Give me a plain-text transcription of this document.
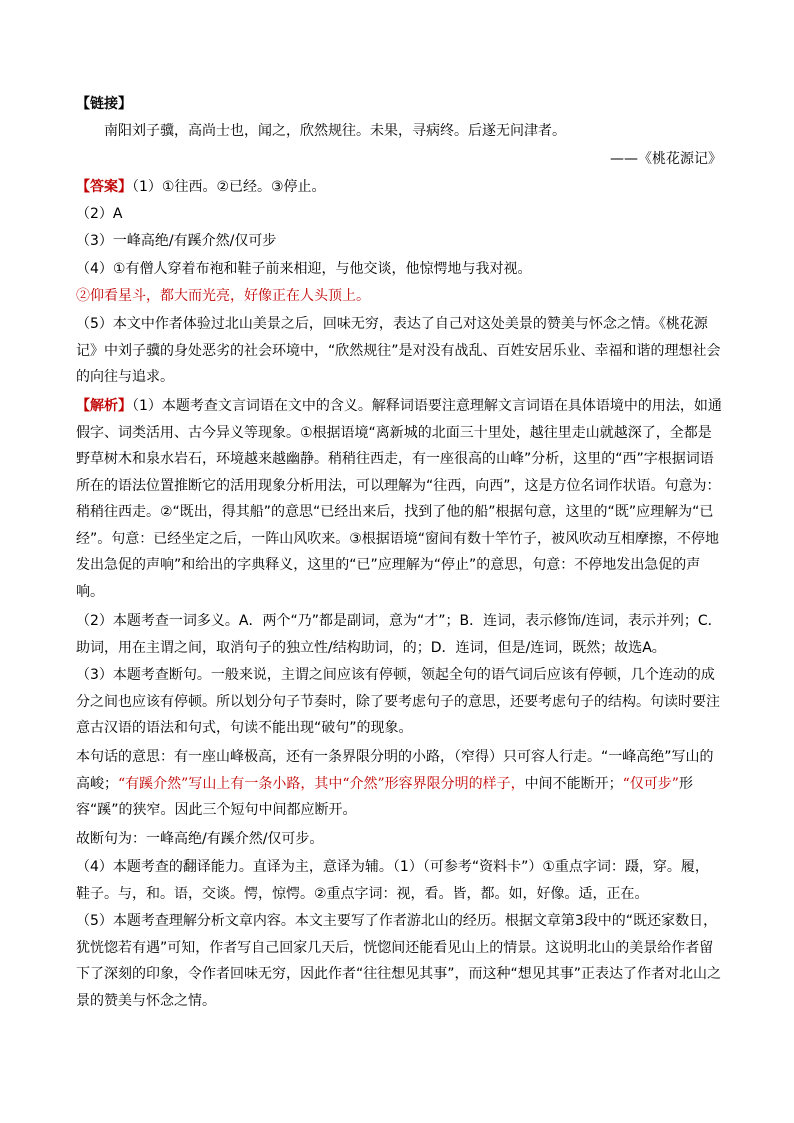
【链接】

南阳刘子骥，高尚士也，闻之，欣然规往。未果，寻病终。后遂无问津者。

——《桃花源记》

【答案】（1）①往西。②已经。③停止。

（2）A

（3）一峰高绝/有蹊介然/仅可步

（4）①有僧人穿着布袍和鞋子前来相迎，与他交谈，他惊愕地与我对视。

②仰看星斗，都大而光亮，好像正在人头顶上。

（5）本文中作者体验过北山美景之后，回味无穷，表达了自己对这处美景的赞美与怀念之情。《桃花源记》中刘子骥的身处恶劣的社会环境中，“欣然规往”是对没有战乱、百姓安居乐业、幸福和谐的理想社会的向往与追求。

【解析】（1）本题考查文言词语在文中的含义。解释词语要注意理解文言词语在具体语境中的用法，如通假字、词类活用、古今异义等现象。①根据语境“离新城的北面三十里处，越往里走山就越深了，全都是野草树木和泉水岩石，环境越来越幽静。稍稍往西走，有一座很高的山峰”分析，这里的“西”字根据词语所在的语法位置推断它的活用现象分析用法，可以理解为“往西，向西”，这是方位名词作状语。句意为：稍稍往西走。②“既出，得其船”的意思“已经出来后，找到了他的船”根据句意，这里的“既”应理解为“已经”。句意：已经坐定之后，一阵山风吹来。③根据语境“窗间有数十竿竹子，被风吹动互相摩擦，不停地发出急促的声响”和给出的字典释义，这里的“已”应理解为“停止”的意思，句意：不停地发出急促的声响。

（2）本题考查一词多义。A．两个“乃”都是副词，意为“才”；B．连词，表示修饰/连词，表示并列；C．助词，用在主谓之间，取消句子的独立性/结构助词，的；D．连词，但是/连词，既然；故选A。

（3）本题考查断句。一般来说，主谓之间应该有停顿，领起全句的语气词后应该有停顿，几个连动的成分之间也应该有停顿。所以划分句子节奏时，除了要考虑句子的意思，还要考虑句子的结构。句读时要注意古汉语的语法和句式，句读不能出现“破句”的现象。

本句话的意思：有一座山峰极高，还有一条界限分明的小路，（窄得）只可容人行走。“一峰高绝”写山的高峻；“有蹊介然”写山上有一条小路，其中“介然”形容界限分明的样子，中间不能断开；“仅可步”形容“蹊”的狭窄。因此三个短句中间都应断开。

故断句为：一峰高绝/有蹊介然/仅可步。

（4）本题考查的翻译能力。直译为主，意译为辅。（1）（可参考“资料卡”）①重点字词：蹑，穿。履，鞋子。与，和。语，交谈。愕，惊愕。②重点字词：视，看。皆，都。如，好像。适，正在。

（5）本题考查理解分析文章内容。本文主要写了作者游北山的经历。根据文章第3段中的“既还家数日，犹恍惚若有遇”可知，作者写自己回家几天后，恍惚间还能看见山上的情景。这说明北山的美景给作者留下了深刻的印象，令作者回味无穷，因此作者“往往想见其事”，而这种“想见其事”正表达了作者对北山之景的赞美与怀念之情。
